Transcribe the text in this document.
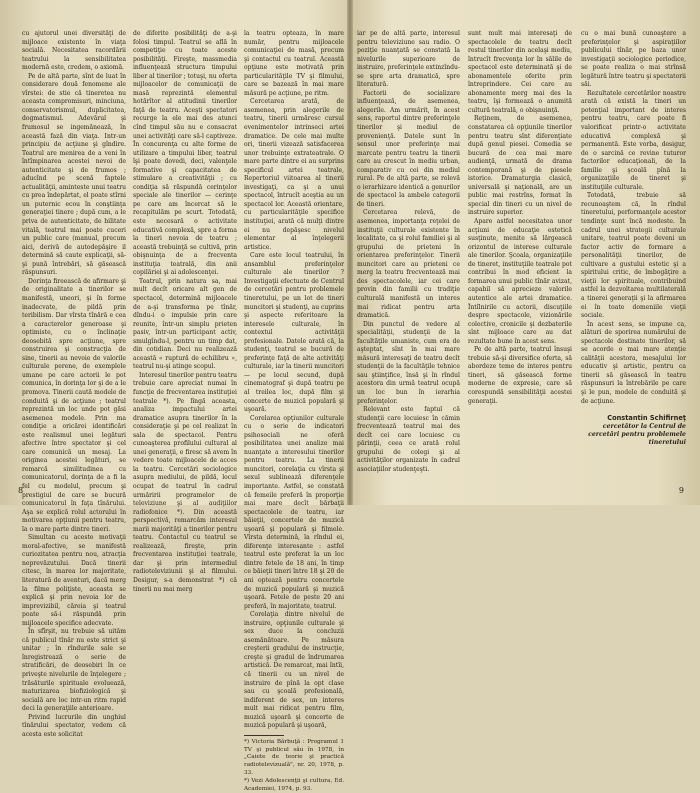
cu ajutorul unei diversităţi de mijloace existente în viaţa socială. Necesitatea racordării teatrului la sensibilitatea modernă este, credem, o axiomă.

Pe de altă parte, sînt de luat în considerare două fenomene ale vîrstei: de stie că tineretea nu aceasta compromisuri, minciuna, conservatorismul, duplicitatea, dogmatismul. Adevărul şi frumosul se ingemănează, în această fază din viaţa. Intr-un principiu de acţiune şi gîndire. Teatrul are menirea de a veni în întîmpinarea acestei nevoi de autenticitate şi de frumos ; aducînd pe scenă faptele actualităţii, aminteste unui teatru cu prea îndepărtat, el poate stîrni un puternic ecou în conştiinţa generaţiei tinere ; după cum, a le priva de autenticitate, de bilitate vitală, teatrul mai poate cuceri un public care (manual, precum aici, derivă de autodepăşire il determină să caute explicaţii, să-şi pună întrebări, să găsească răspunsuri.

Dorinţa fireească de afirmare şi de originalitate a tinerilor se manifestă, uneori, şi în forme inadecvate, de pildă prin teribilism. Dar vîrsta tînără e cea a caracterelor generoase şi optimiste, cu o înclinaţie deosebită spre acţiune, spre construirea şi construcţia de sine, tinerii au nevoie de valorile culturale perene, de exemplele umane pe care actorii le pot comunica, în dorinţa lor şi de a le promova. Tinerii caută modele de conduită şi de acţiune ; teatrul reprezintă un loc unde pot găsi asemenea modele. Prin ma condiţie a oricărei identificări este realismul unei legături afective între spectator şi cel care comunică un mesaj. La originea acestei legături, se remarcă similitudinea cu comunicatorul, dorinţa de a fi la fel cu modelul, precum şi prestigiul de care se bucură comunicatorul în faţa tînărului. Aşa se explică rolul actorului în motivarea opţiunii pentru teatru, la o mare parte dintre tineri.

Simultan cu aceste motivaţii moral-afective, se manifestă curiozitatea pentru nou, atracţia neprevăzutului. Dacă tinerii citesc, în marea lor majoritate, literatură de aventuri, dacă merg la filme poliţiste, aceasta se explică şi prin nevoia lor de imprevizibil, căreia şi teatrul poate să-i răspundă prin mijloacele specifice adecvate.

În sfîrşit, nu trebuie să uităm că publicul tînăr nu este strict şi unitar ; în rîndurile sale se înregistrează o serie de stratificări, de deosebiri în ce priveşte nivelurile de înţelegere ; trăsăturile spirituale evoluează, maturizarea biofiziologică şi socială are loc intr-un ritm rapid deci la generaţiile anterioare.

Privind lucrurile din unghiul tînărului spectator, vedem că acesta este solicitat

de diferite posibilităţi de a-şi folosi timpul. Teatrul se află în competiţie cu toate aceste posibilităţi. Fireşte, massmedia influenţează structura timpului liber al tinerilor ; totuşi, nu oferta mijloacelor de comunicaţii de masă reprezintă elementul hotărîtor al atitudinii tinerilor faţă de teatru. Aceşti spectatori recurge la ele mai des atunci cînd timpul său nu e consacrat unei activităţi care să-l captiveze. În concurenţa cu alte forme de utilizare a timpului liber, teatrul îşi poate dovedi, deci, valenţele formative şi capacitatea de stimulare a creativităţii ; cu condiţia să răspundă cerinţelor speciale ale tinerilor — cerinţe pe care am încercat să le recapitulăm pe scurt. Totodată, este necesară o activitate educativă complexă, spre a forma la tineri nevoia de teatru ; această trebuinţă se cultivă, prin obişnuinţa de a frecventa instituţia teatrală, din anii copilăriei şi ai adolescenţei.

Teatrul, prin natura sa, mai mult decît oricare alt gen de spectacol, determină mijloacele de a-şi transforma pe tînăr, dîndu-i o impulsie prin care reunite, într-un simplu prieten pasiv, într-un participant activ, smulgîndu-l, pentru un timp dat, din cotidian. Deci nu realizează această « ruptură de echilibru », teatrul nu-şi atinge scopul.

Interesul tinerilor pentru teatru trebuie care apreciat numai în funcţie de frecventarea instituţiei teatrale *). Pe lîngă aceasta, analiza impactului artei dramatice asupra tinerilor în la consideraţie şi pe cel realizat în sala de spectacol. Pentru cunoaşterea profilului cultural al unei generaţii, e firesc să avem în vedere toate mijloacele de acces la teatru. Cercetări sociologice asupra mediului, de pildă, locul ocupat de teatrul în cadrul urmăririi programelor de televiziune şi al audiţiilor radiofonice *). Din această perspectivă, remarcăm interesul marii majorităţi a tinerilor pentru teatru. Contactul cu teatrul se realizează, fireşte, prin frecventarea instituţiei teatrale, dar şi prin intermediul radioteleviziunii şi al filmului. Desigur, s-a demonstrat *) că tinerii nu mai merg

la teatru opteaza, în mare număr, pentru mijloacele comunicaţiei de masă, precum şi contactul cu teatrul. Această opţiune este motivată prin particularităţile TV şi filmului, care se bazează în mai mare măsură pe acţiune, pe ritm.

Cercetarea arată, de asemenea, prin alegerile de teatru, tinerii urmăresc cursul evenimentelor intrinseci artei dramatice. De cele mai multe ori, tinerii vizează satisfacerea unor trebuinţe extrateatrale. O mare parte dintre ei au surprins specificul artei teatrale, Repertoriul viitoarea al tinerii investigaţi, ca şi a unui spectacol, întrucît aceştia au un spectacol lor. Această orientare, cu particularităţile specifice instituţiei, arată că mulţi dintre ei nu depăşesc nivelul elementar al înţelegerii artistice.

Care este locul teatrului, în ansamblul preferinţelor culturale ale tinerilor ? Investigaţii efectuate de Centrul de cercetări pentru problemele tineretului, pe un lot de tineri muncitori şi studenţi, au cuprins şi aspecte referitoare la interesele culturale, în contextul activităţii profesionale. Datele arată că, la studenţi, teatrul se bucură de preferinţe faţă de alte activităţi culturale, iar la tinerii muncitori — pe locul secund, după cinematograf şi după teatru pe al treilea loc, după film şi concerte de muzică populară şi uşoară.

Corelarea opţiunilor culturale cu o serie de indicatori psihosociali ne oferă posibilitatea unei analize mai nuanţate a interesului tinerilor pentru teatru. La tinerii muncitori, corelaţia cu vîrsta şi sexul sublinează diferenţele importante. Astfel, se constată că femeile preferă în proporţie mai mare decît bărbaţii spectacolele de teatru, iar băieţii, concertele de muzică uşoară şi populară şi filmele. Vîrsta determină, la rîndul ei, diferenţe interesante : astfel teatrul este preferat la un loc dintre fetele de 18 ani, în timp ce băieţii tineri între 18 şi 20 de ani optează pentru concertele de muzică populară şi muzică uşoară. Fetele de peste 20 ani preferă, în majoritate, teatrul.

Corelaţia dintre nivelul de instruire, opţiunile culturale şi sex duce la concluzii asemănătoare. Pe măsura creşterii gradului de instrucţie, creşte şi gradul de îndrumarea artistică. De remarcat, mai întîi, că tinerii cu un nivel de instruire de pînă la opt clase sau cu şcoală profesională, indiferent de sex, un interes mult mai ridicat pentru film, muzică uşoară şi concerte de muzică populară şi uşoară,

*) Victoria Bărbuţă : Programul 1 TV şi publicul său în 1978, în „Caiete de teorie şi practică radiotelevizuală", nr. 20, 1978, p. 33.

*) Vezi Adolescenţii şi cultura, Ed. Academiei, 1974, p. 93.

8

iar pe de altă parte, interesul pentru televiziune sau radio. O poziţie nuanţată se constată la nivelurile superioare de instruire, preferinţele extinzîndu-se spre arta dramatică, spre literatură.

Factorii de socializare influenţează, de asemenea, alegerile. Am urmărit, în acest sens, raportul dintre preferinţele tinerilor şi mediul de provenienţă. Datele sunt în sensul unor preferinţe mai marcate pentru teatru la tinerii care au crescut în mediu urban, comparativ cu cei din mediul rural. Pe de altă parte, se relevă o ierarhizare identică a genurilor de spectacol la ambele categorii de tineri.

Cercetarea relevă, de asemenea, importanţa reţelei de instituţii culturale existente în localitate, ca şi rolul familiei şi al grupului de prieteni în orientarea preferinţelor. Tinerii muncitori care au prieteni ce merg la teatru frecventează mai des spectacolele, iar cei care provin din familii cu tradiţie culturală manifestă un interes mai ridicat pentru arta dramatică.

Din punctul de vedere al specialităţii, studenţii de la facultăţile umaniste, cum era de aşteptat, sînt în mai mare măsură interesaţi de teatru decît studenţii de la facultăţile tehnice sau ştiinţifice, însă şi în rîndul acestora din urmă teatrul ocupă un loc bun în ierarhia preferinţelor.

Relevant este faptul că studenţii care locuiesc în cămin frecventează teatrul mai des decît cei care locuiesc cu părinţii, ceea ce arată rolul grupului de colegi şi al activităţilor organizate în cadrul asociaţiilor studenţeşti.

sunt mult mai interesaţi de spectacolele de teatru decît restul tinerilor din acelaşi mediu, întrucît frecvenţa lor în sălile de spectacol este determinată şi de abonamentele oferite prin întreprindere. Cei care au abonamente merg mai des la teatru, îşi formează o anumită cultură teatrală, o obişnuinţă.

Reţinem, de asemenea, constatarea că opţiunile tinerilor pentru teatru sînt diferenţiate după genul piesei. Comedia se bucură de cea mai mare audienţă, urmată de drama contemporană şi de piesele istorice. Dramaturgia clasică, universală şi naţională, are un public mai restrîns, format în special din tineri cu un nivel de instruire superior.

Apare astfel necesitatea unor acţiuni de educaţie estetică susţinute, menite să lărgească orizontul de interese culturale ale tinerilor. Şcoala, organizaţiile de tineret, instituţiile teatrale pot contribui în mod eficient la formarea unui public tînăr avizat, capabil să aprecieze valorile autentice ale artei dramatice. Întîlnirile cu actorii, discuţiile despre spectacole, vizionările colective, cronicile şi dezbaterile sînt mijloace care au dat rezultate bune în acest sens.

Pe de altă parte, teatrul însuşi trebuie să-şi diversifice oferta, să abordeze teme de interes pentru tineri, să găsească forme moderne de expresie, care să corespundă sensibilităţii acestei generaţii.

cu o mai bună cunoaştere a preferinţelor şi aspiraţiilor publicului tînăr, pe baza unor investigaţii sociologice periodice, se poate realiza o mai strînsă legătură între teatru şi spectatorii săi.

Rezultatele cercetărilor noastre arată că există la tineri un potenţial important de interes pentru teatru, care poate fi valorificat printr-o activitate educativă complexă şi permanentă. Este vorba, desigur, de o sarcină ce revine tuturor factorilor educaţionali, de la familie şi şcoală pînă la organizaţiile de tineret şi instituţiile culturale.

Totodată, trebuie să recunoaştem că, în rîndul tineretului, performanţele acestor tendinţe sunt încă modeste. În cadrul unei strategii culturale unitare, teatrul poate deveni un factor activ de formare a personalităţii tinerilor, de cultivare a gustului estetic şi a spiritului critic, de îmbogăţire a vieţii lor spirituale, contribuind astfel la dezvoltarea multilaterală a tinerei generaţii şi la afirmarea ei în toate domeniile vieţii sociale.

În acest sens, se impune ca, alături de sporirea numărului de spectacole destinate tinerilor, să se acorde o mai mare atenţie calităţii acestora, mesajului lor educativ şi artistic, pentru ca tinerii să găsească în teatru răspunsuri la întrebările pe care şi le pun, modele de conduită şi de acţiune.

Constantin Schifirneţ
cercetător la Centrul de cercetări pentru problemele tineretului
9
